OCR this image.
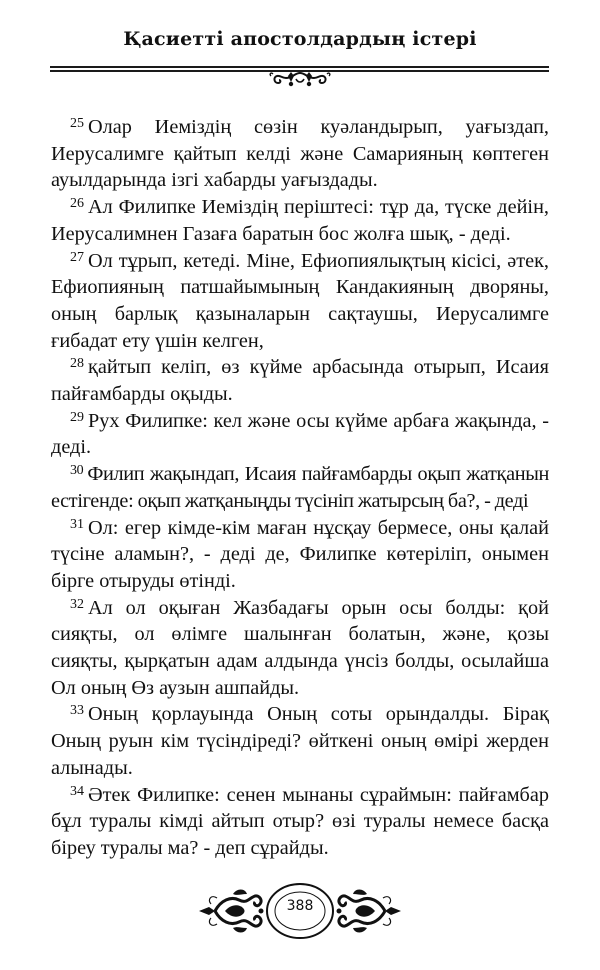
Қасиетті апостолдардың істері

$^{25}$ Олар Иеміздің сөзін куәландырып, уағыздап, Иерусалимге қайтып келді және Самарияның көптеген ауылдарында ізгі хабарды уағыздады.

$^{26}$ Ал Филипке Иеміздің періштесі: тұр да, түске дейін, Иерусалимнен Газаға баратын бос жолға шық, - деді.

$^{27}$ Ол тұрып, кетеді. Міне, Ефиопиялықтың кісісі, әтек, Ефиопияның патшайымының Кандакияның дворяны, оның барлық қазыналарын сақтаушы, Иерусалимге ғибадат ету үшін келген,

$^{28}$ қайтып келіп, өз күйме арбасында отырып, Исаия пайғамбарды оқыды.

$^{29}$ Рух Филипке: кел және осы күйме арбаға жақында, - деді.

$^{30}$ Филип жақындап, Исаия пайғамбарды оқып жатқанын естігенде: оқып жатқаныңды түсініп жатырсың ба?, - деді

$^{31}$ Ол: егер кімде-кім маған нұсқау бермесе, оны қалай түсіне аламын?, - деді де, Филипке көтеріліп, онымен бірге отыруды өтінді.

$^{32}$ Ал ол оқыған Жазбадағы орын осы болды: қой сияқты, ол өлімге шалынған болатын, және, қозы сияқты, қырқатын адам алдында үнсіз болды, осылайша Ол оның Өз аузын ашпайды.

$^{33}$ Оның қорлауында Оның соты орындалды. Бірақ Оның руын кім түсіндіреді? өйткені оның өмірі жерден алынады.

$^{34}$ Әтек Филипке: сенен мынаны сұраймын: пайғамбар бұл туралы кімді айтып отыр? өзі туралы немесе басқа біреу туралы ма? - деп сұрайды.

388
